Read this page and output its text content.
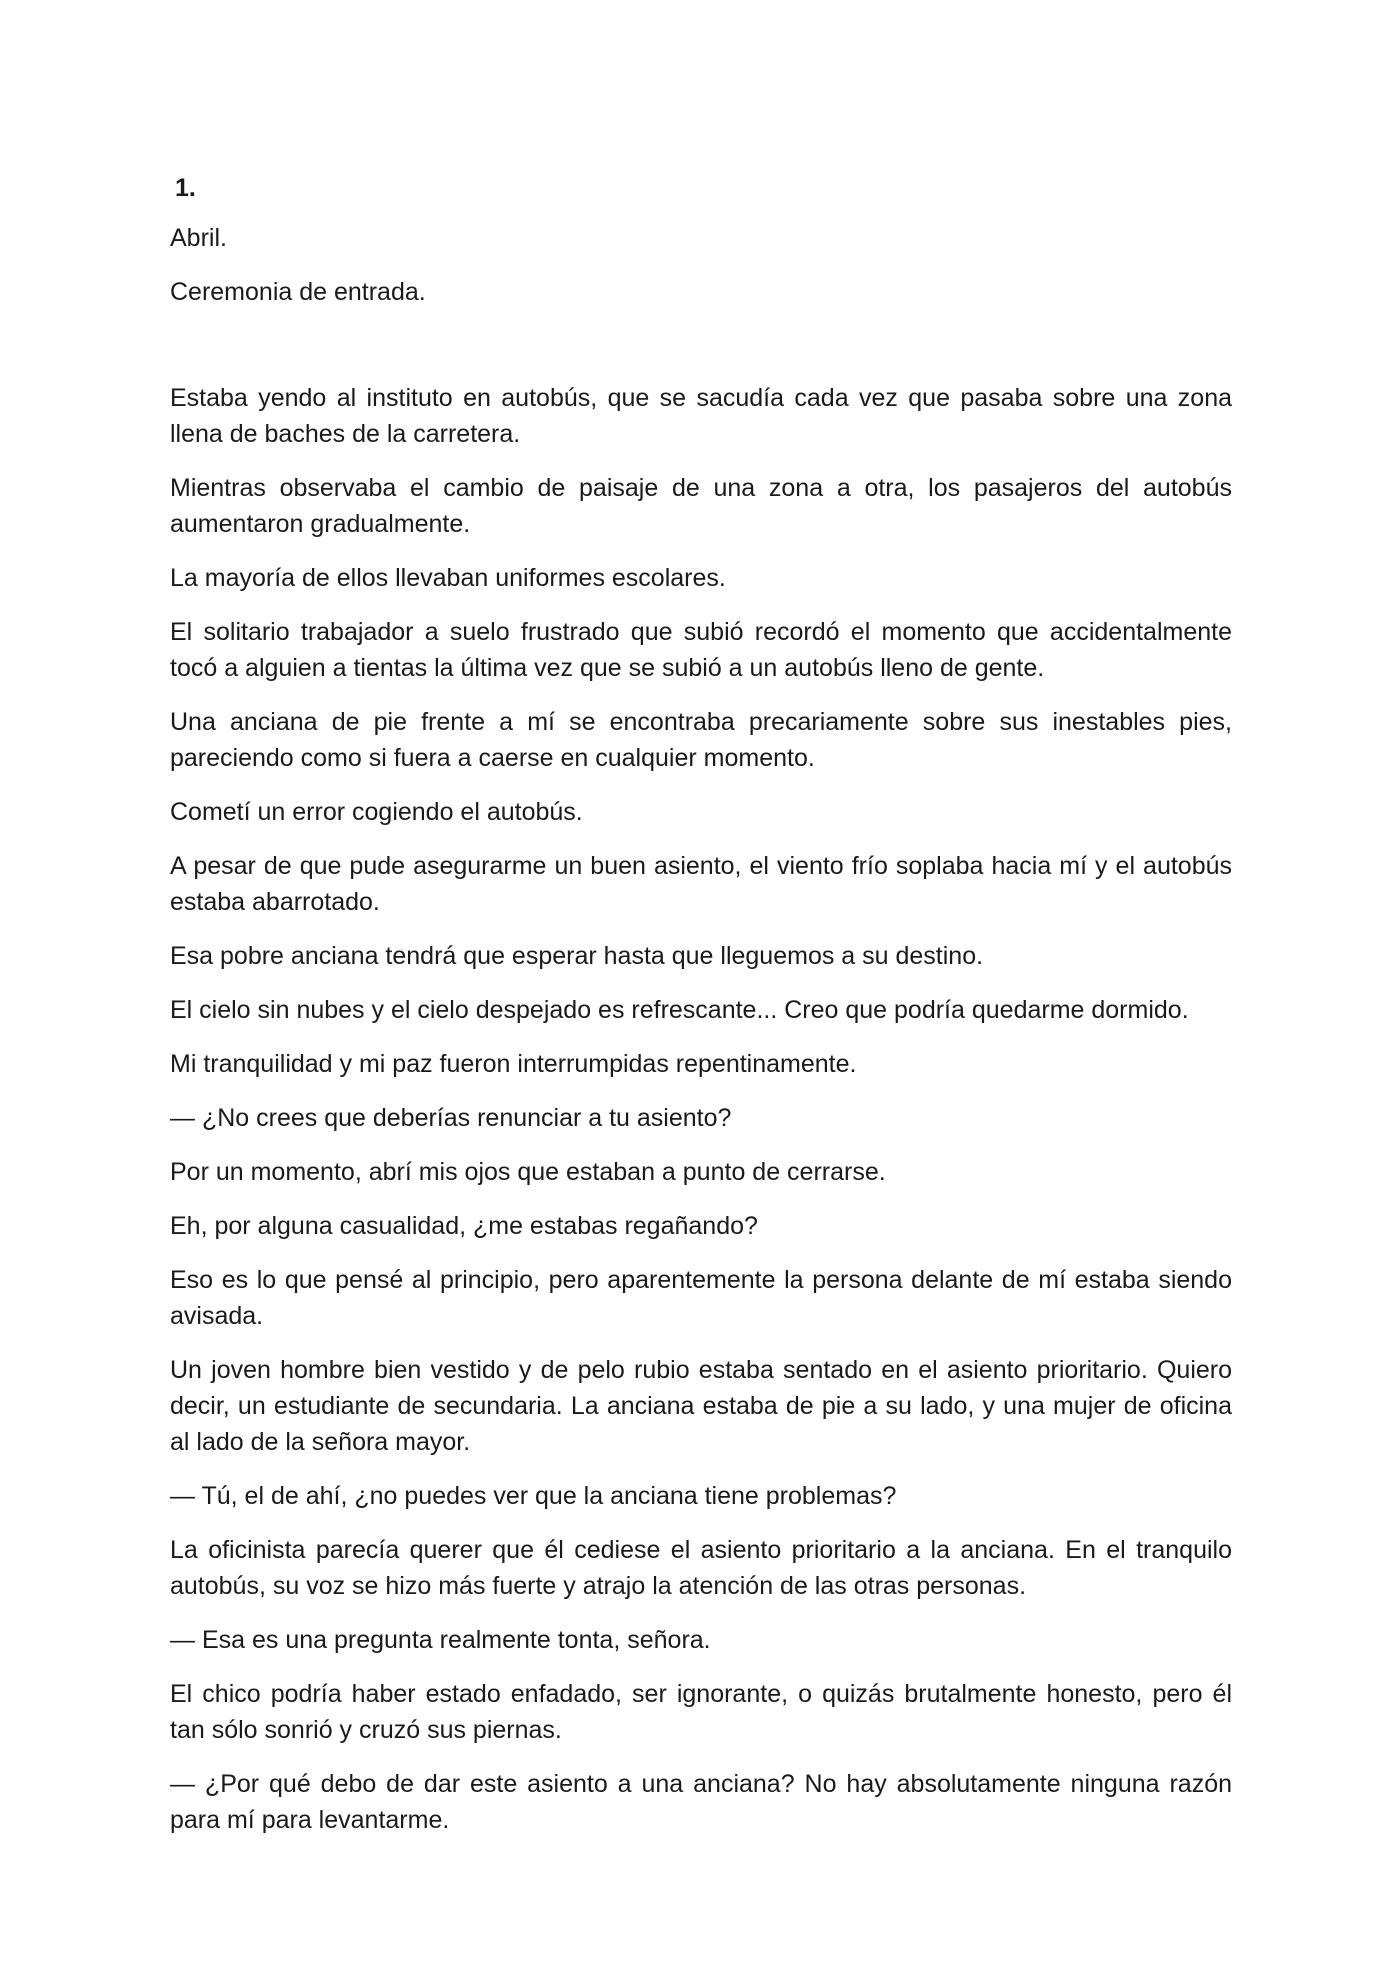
1.

Abril.

Ceremonia de entrada.

Estaba yendo al instituto en autobús, que se sacudía cada vez que pasaba sobre una zona llena de baches de la carretera.

Mientras observaba el cambio de paisaje de una zona a otra, los pasajeros del autobús aumentaron gradualmente.

La mayoría de ellos llevaban uniformes escolares.

El solitario trabajador a suelo frustrado que subió recordó el momento que accidentalmente tocó a alguien a tientas la última vez que se subió a un autobús lleno de gente.

Una anciana de pie frente a mí se encontraba precariamente sobre sus inestables pies, pareciendo como si fuera a caerse en cualquier momento.

Cometí un error cogiendo el autobús.

A pesar de que pude asegurarme un buen asiento, el viento frío soplaba hacia mí y el autobús estaba abarrotado.

Esa pobre anciana tendrá que esperar hasta que lleguemos a su destino.

El cielo sin nubes y el cielo despejado es refrescante... Creo que podría quedarme dormido.

Mi tranquilidad y mi paz fueron interrumpidas repentinamente.

— ¿No crees que deberías renunciar a tu asiento?

Por un momento, abrí mis ojos que estaban a punto de cerrarse.

Eh, por alguna casualidad, ¿me estabas regañando?

Eso es lo que pensé al principio, pero aparentemente la persona delante de mí estaba siendo avisada.

Un joven hombre bien vestido y de pelo rubio estaba sentado en el asiento prioritario. Quiero decir, un estudiante de secundaria. La anciana estaba de pie a su lado, y una mujer de oficina al lado de la señora mayor.

— Tú, el de ahí, ¿no puedes ver que la anciana tiene problemas?

La oficinista parecía querer que él cediese el asiento prioritario a la anciana. En el tranquilo autobús, su voz se hizo más fuerte y atrajo la atención de las otras personas.

— Esa es una pregunta realmente tonta, señora.

El chico podría haber estado enfadado, ser ignorante, o quizás brutalmente honesto, pero él tan sólo sonrió y cruzó sus piernas.

— ¿Por qué debo de dar este asiento a una anciana? No hay absolutamente ninguna razón para mí para levantarme.
